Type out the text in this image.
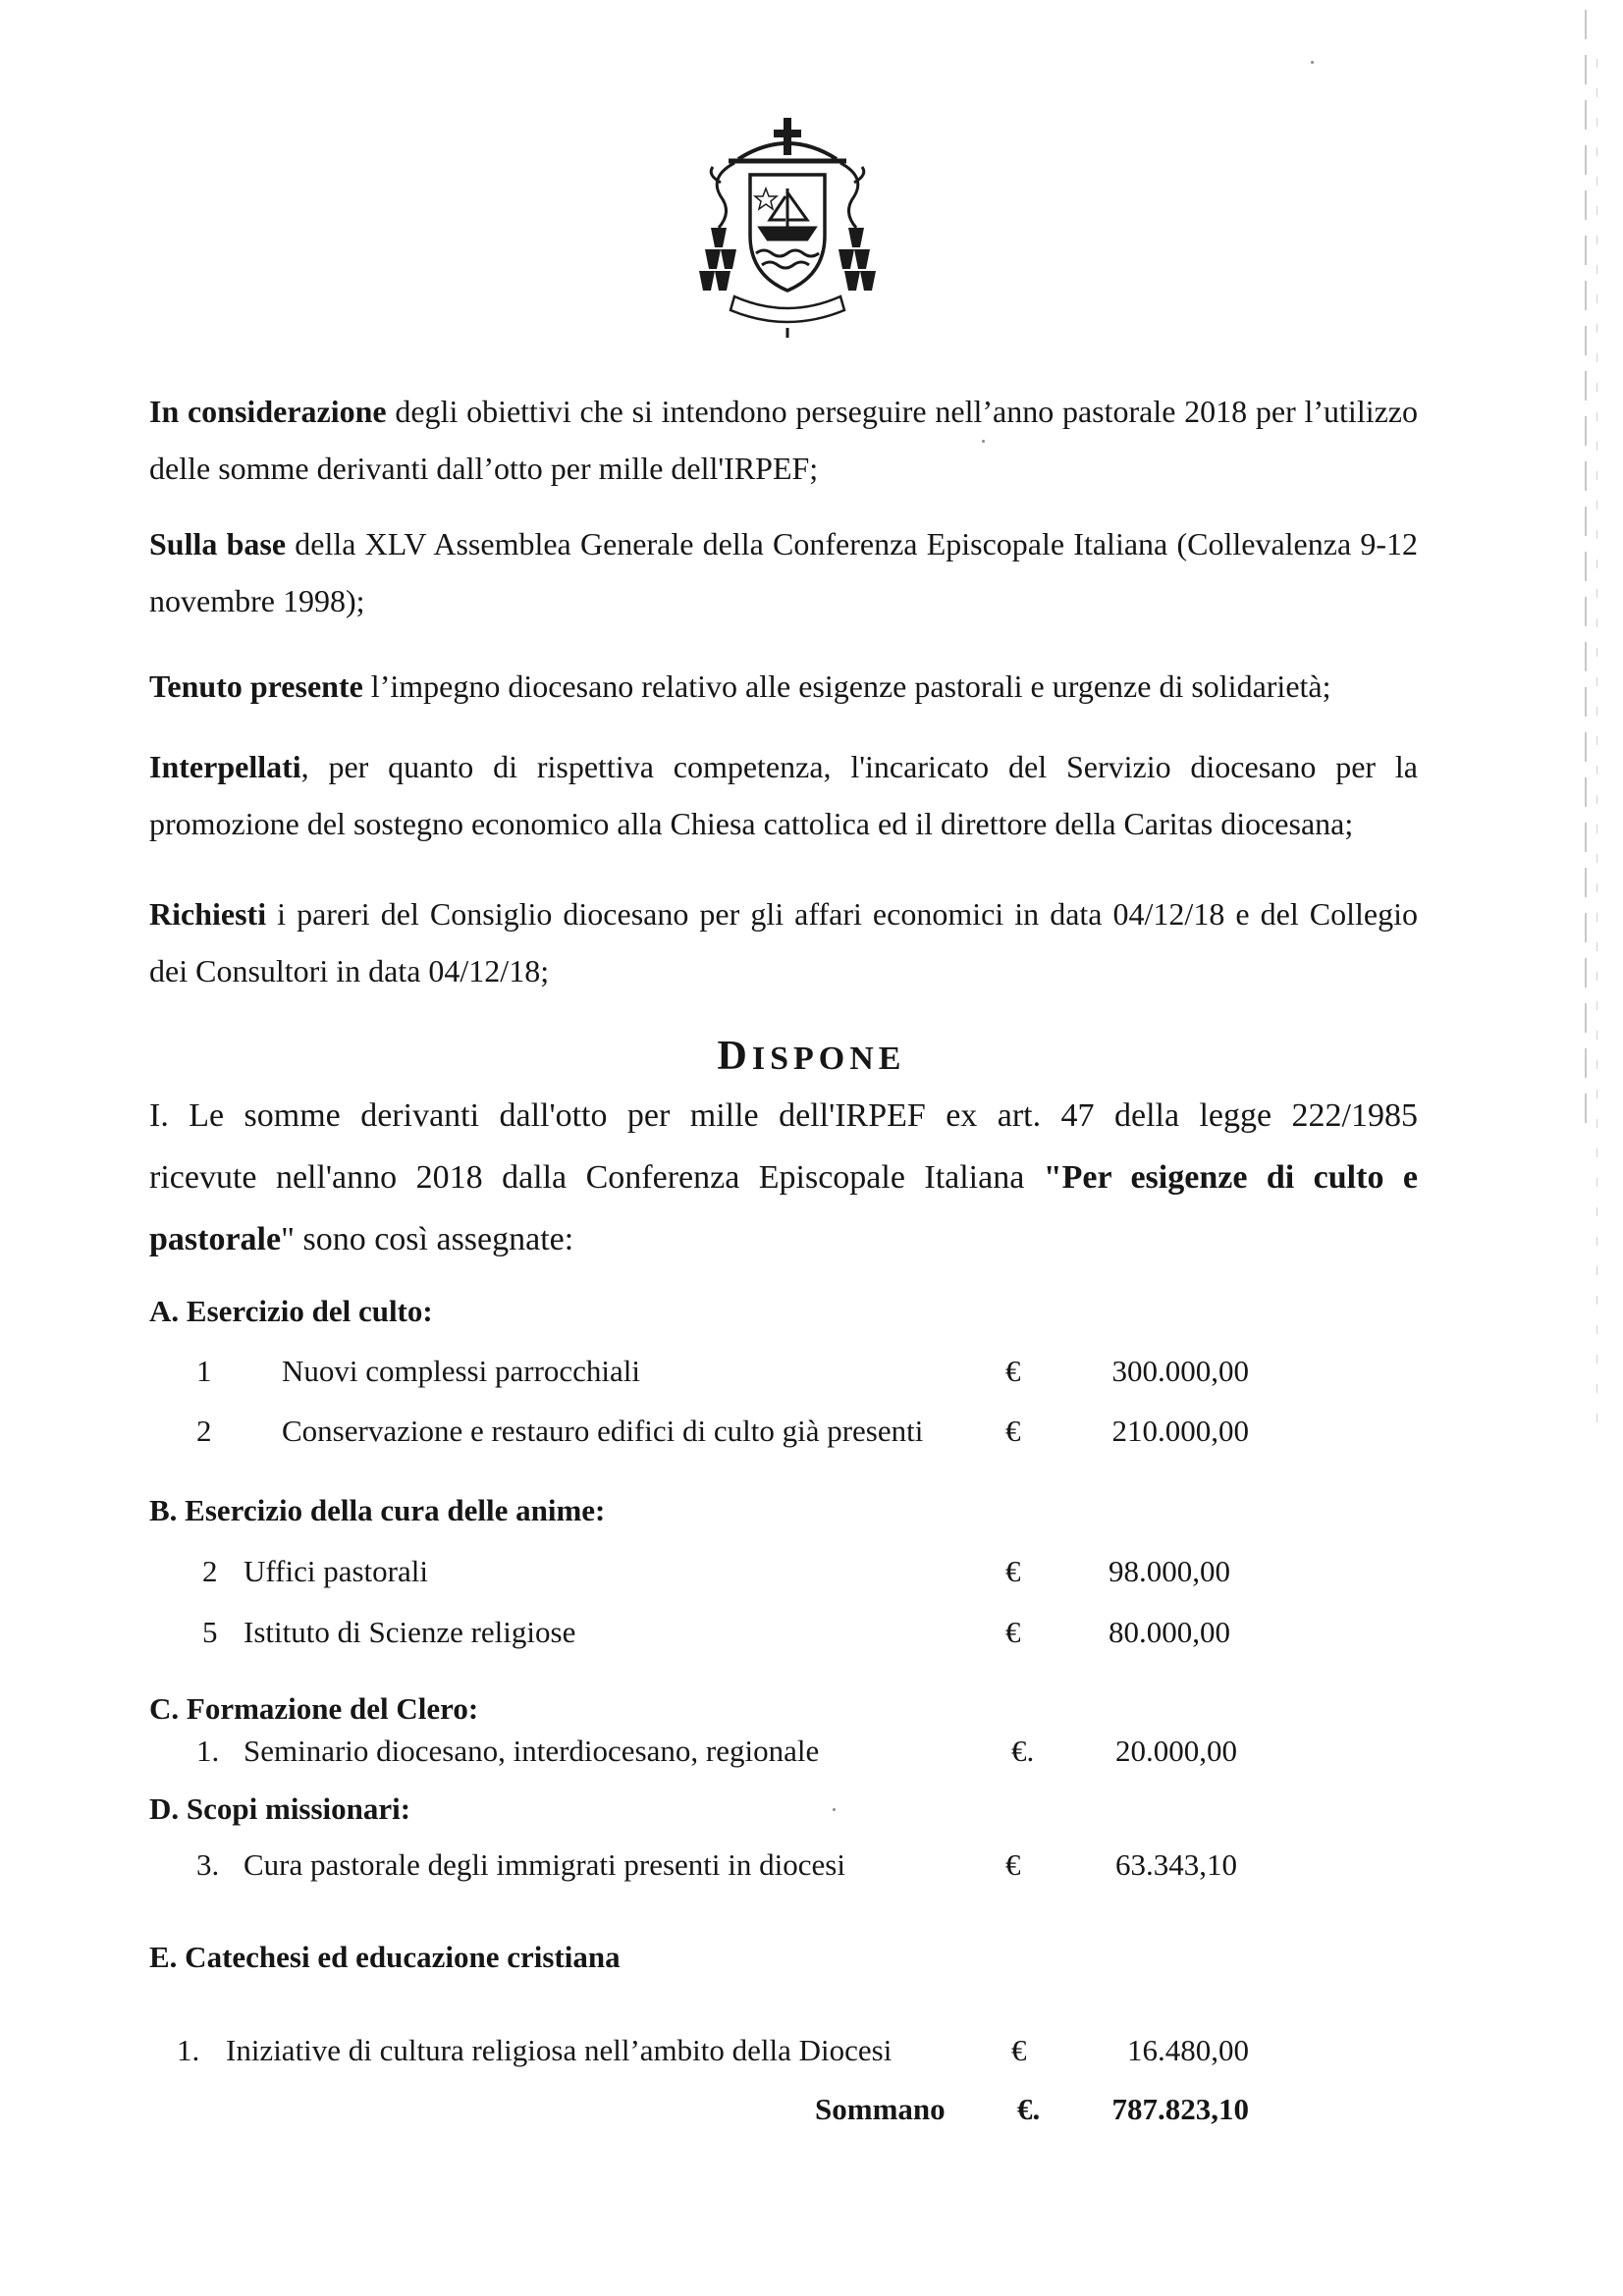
In considerazione degli obiettivi che si intendono perseguire nell’anno pastorale 2018 per l’utilizzo delle somme derivanti dall’otto per mille dell'IRPEF;

Sulla base della XLV Assemblea Generale della Conferenza Episcopale Italiana (Collevalenza 9-12 novembre 1998);

Tenuto presente l’impegno diocesano relativo alle esigenze pastorali e urgenze di solidarietà;

Interpellati, per quanto di rispettiva competenza, l'incaricato del Servizio diocesano per la promozione del sostegno economico alla Chiesa cattolica ed il direttore della Caritas diocesana;

Richiesti i pareri del Consiglio diocesano per gli affari economici in data 04/12/18 e del Collegio dei Consultori in data 04/12/18;

DISPONE
I. Le somme derivanti dall'otto per mille dell'IRPEF ex art. 47 della legge 222/1985
ricevute nell'anno 2018 dalla Conferenza Episcopale Italiana "Per esigenze di culto e
pastorale" sono così assegnate:
A. Esercizio del culto:
1 Nuovi complessi parrocchiali	€	300.000,00
2 Conservazione e restauro edifici di culto già presenti	€	210.000,00
B. Esercizio della cura delle anime:
2 Uffici pastorali	€	98.000,00
5 Istituto di Scienze religiose	€	80.000,00
C. Formazione del Clero:
1. Seminario diocesano, interdiocesano, regionale	€.	20.000,00
D. Scopi missionari:
3. Cura pastorale degli immigrati presenti in diocesi	€	63.343,10
E. Catechesi ed educazione cristiana
1. Iniziative di cultura religiosa nell’ambito della Diocesi	€	16.480,00
Sommano €.	787.823,10
